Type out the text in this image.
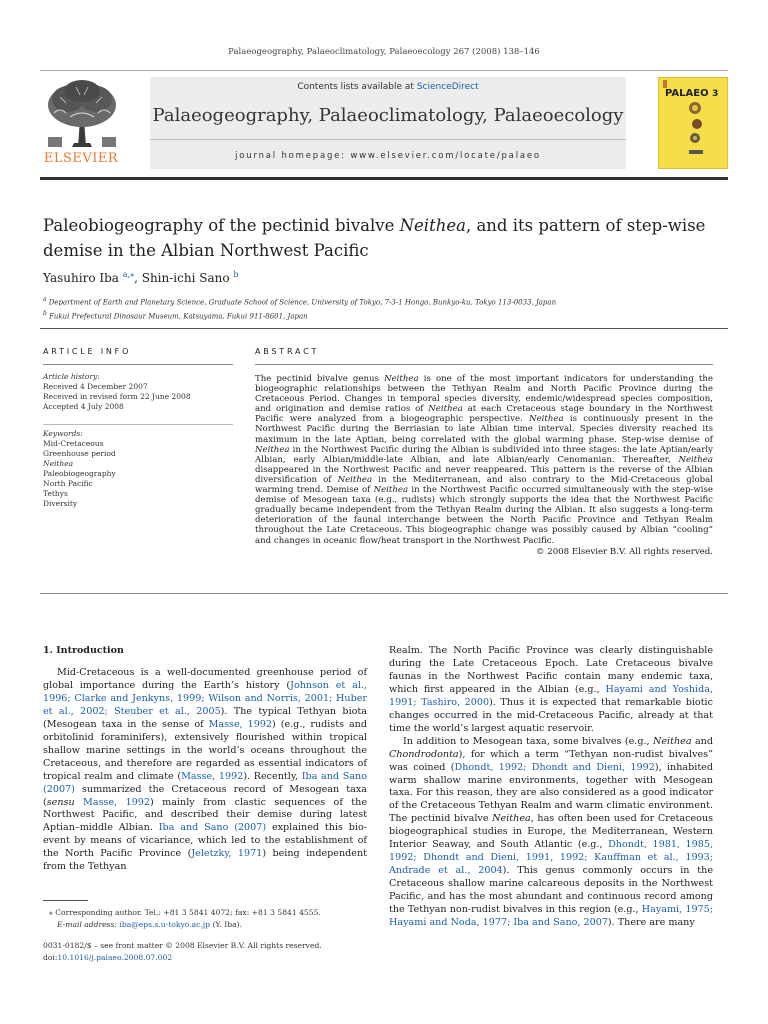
Palaeogeography, Palaeoclimatology, Palaeoecology 267 (2008) 138–146
ELSEVIER
Contents lists available at ScienceDirect
Palaeogeography, Palaeoclimatology, Palaeoecology
journal homepage: www.elsevier.com/locate/palaeo
PALAEO 3
Paleobiogeography of the pectinid bivalve Neithea, and its pattern of step-wise demise in the Albian Northwest Pacific
Yasuhiro Iba $^{a,⁎}$, Shin-ichi Sano $^b$
$^a$ Department of Earth and Planetary Science, Graduate School of Science, University of Tokyo, 7-3-1 Hongo, Bunkyo-ku, Tokyo 113-0033, Japan
$^b$ Fukui Prefectural Dinosaur Museum, Katsuyama, Fukui 911-8601, Japan
ARTICLE INFO
Article history:
Received 4 December 2007
Received in revised form 22 June 2008
Accepted 4 July 2008
Keywords:
Mid-Cretaceous
Greenhouse period
Neithea
Paleobiogeography
North Pacific
Tethys
Diversity
ABSTRACT
The pectinid bivalve genus Neithea is one of the most important indicators for understanding the biogeographic relationships between the Tethyan Realm and North Pacific Province during the Cretaceous Period. Changes in temporal species diversity, endemic/widespread species composition, and origination and demise ratios of Neithea at each Cretaceous stage boundary in the Northwest Pacific were analyzed from a biogeographic perspective. Neithea is continuously present in the Northwest Pacific during the Berriasian to late Albian time interval. Species diversity reached its maximum in the late Aptian, being correlated with the global warming phase. Step-wise demise of Neithea in the Northwest Pacific during the Albian is subdivided into three stages: the late Aptian/early Albian, early Albian/middle-late Albian, and late Albian/early Cenomanian. Thereafter, Neithea disappeared in the Northwest Pacific and never reappeared. This pattern is the reverse of the Albian diversification of Neithea in the Mediterranean, and also contrary to the Mid-Cretaceous global warming trend. Demise of Neithea in the Northwest Pacific occurred simultaneously with the step-wise demise of Mesogean taxa (e.g., rudists) which strongly supports the idea that the Northwest Pacific gradually became independent from the Tethyan Realm during the Albian. It also suggests a long-term deterioration of the faunal interchange between the North Pacific Province and Tethyan Realm throughout the Late Cretaceous. This biogeographic change was possibly caused by Albian “cooling” and changes in oceanic flow/heat transport in the Northwest Pacific.
© 2008 Elsevier B.V. All rights reserved.
1. Introduction

Mid-Cretaceous is a well-documented greenhouse period of global importance during the Earth’s history (Johnson et al., 1996; Clarke and Jenkyns, 1999; Wilson and Norris, 2001; Huber et al., 2002; Steuber et al., 2005). The typical Tethyan biota (Mesogean taxa in the sense of Masse, 1992) (e.g., rudists and orbitolinid foraminifers), extensively flourished within tropical shallow marine settings in the world’s oceans throughout the Cretaceous, and therefore are regarded as essential indicators of tropical realm and climate (Masse, 1992). Recently, Iba and Sano (2007) summarized the Cretaceous record of Mesogean taxa (sensu Masse, 1992) mainly from clastic sequences of the Northwest Pacific, and described their demise during latest Aptian–middle Albian. Iba and Sano (2007) explained this bio-event by means of vicariance, which led to the establishment of the North Pacific Province (Jeletzky, 1971) being independent from the Tethyan

Realm. The North Pacific Province was clearly distinguishable during the Late Cretaceous Epoch. Late Cretaceous bivalve faunas in the Northwest Pacific contain many endemic taxa, which first appeared in the Albian (e.g., Hayami and Yoshida, 1991; Tashiro, 2000). Thus it is expected that remarkable biotic changes occurred in the mid-Cretaceous Pacific, already at that time the world’s largest aquatic reservoir.

In addition to Mesogean taxa, some bivalves (e.g., Neithea and Chondrodonta), for which a term “Tethyan non-rudist bivalves” was coined (Dhondt, 1992; Dhondt and Dieni, 1992), inhabited warm shallow marine environments, together with Mesogean taxa. For this reason, they are also considered as a good indicator of the Cretaceous Tethyan Realm and warm climatic environment. The pectinid bivalve Neithea, has often been used for Cretaceous biogeographical studies in Europe, the Mediterranean, Western Interior Seaway, and South Atlantic (e.g., Dhondt, 1981, 1985, 1992; Dhondt and Dieni, 1991, 1992; Kauffman et al., 1993; Andrade et al., 2004). This genus commonly occurs in the Cretaceous shallow marine calcareous deposits in the Northwest Pacific, and has the most abundant and continuous record among the Tethyan non-rudist bivalves in this region (e.g., Hayami, 1975; Hayami and Noda, 1977; Iba and Sano, 2007). There are many

⁎ Corresponding author. Tel.: +81 3 5841 4072; fax: +81 3 5841 4555.
E-mail address: iba@eps.s.u-tokyo.ac.jp (Y. Iba).
0031-0182/$ – see front matter © 2008 Elsevier B.V. All rights reserved.
doi:10.1016/j.palaeo.2008.07.002
